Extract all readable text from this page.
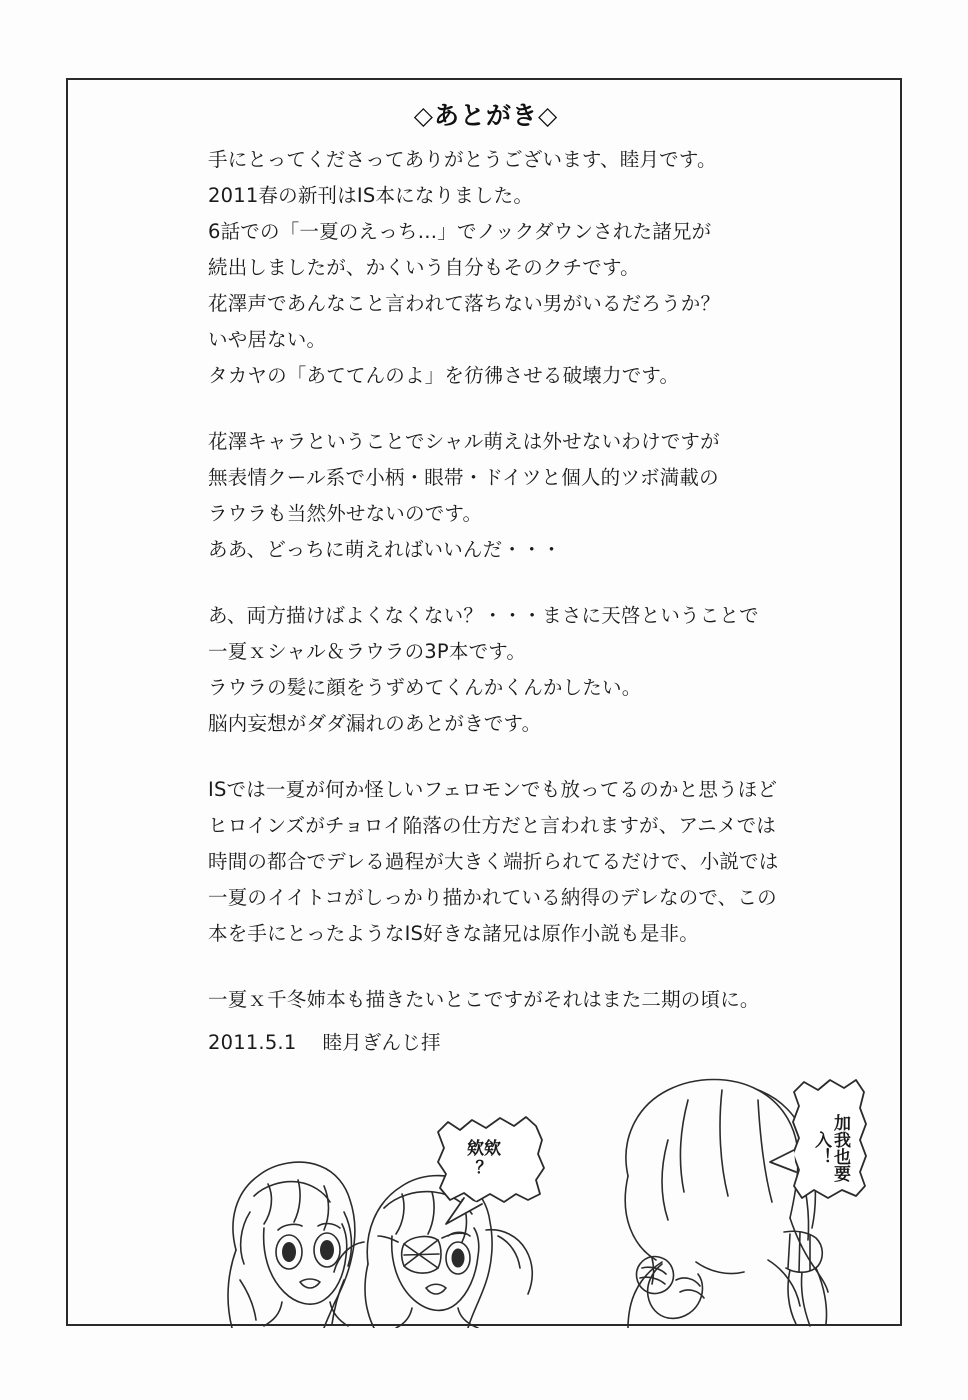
◇あとがき◇

手にとってくださってありがとうございます、睦月です。
2011春の新刊はIS本になりました。
6話での「一夏のえっち…」でノックダウンされた諸兄が
続出しましたが、かくいう自分もそのクチです。
花澤声であんなこと言われて落ちない男がいるだろうか？
いや居ない。
タカヤの「あててんのよ」を彷彿させる破壊力です。

花澤キャラということでシャル萌えは外せないわけですが
無表情クール系で小柄・眼帯・ドイツと個人的ツボ満載の
ラウラも当然外せないのです。
ああ、どっちに萌えればいいんだ・・・

あ、両方描けばよくなくない？・・・まさに天啓ということで
一夏ｘシャル＆ラウラの3P本です。
ラウラの髪に顔をうずめてくんかくんかしたい。
脳内妄想がダダ漏れのあとがきです。

ISでは一夏が何か怪しいフェロモンでも放ってるのかと思うほど
ヒロインズがチョロイ陥落の仕方だと言われますが、アニメでは
時間の都合でデレる過程が大きく端折られてるだけで、小説では
一夏のイイトコがしっかり描かれている納得のデレなので、この
本を手にとったようなIS好きな諸兄は原作小説も是非。

一夏ｘ千冬姉本も描きたいとこですがそれはまた二期の頃に。

2011.5.1 睦月ぎんじ拝
欸欸
？	加我也要入！
